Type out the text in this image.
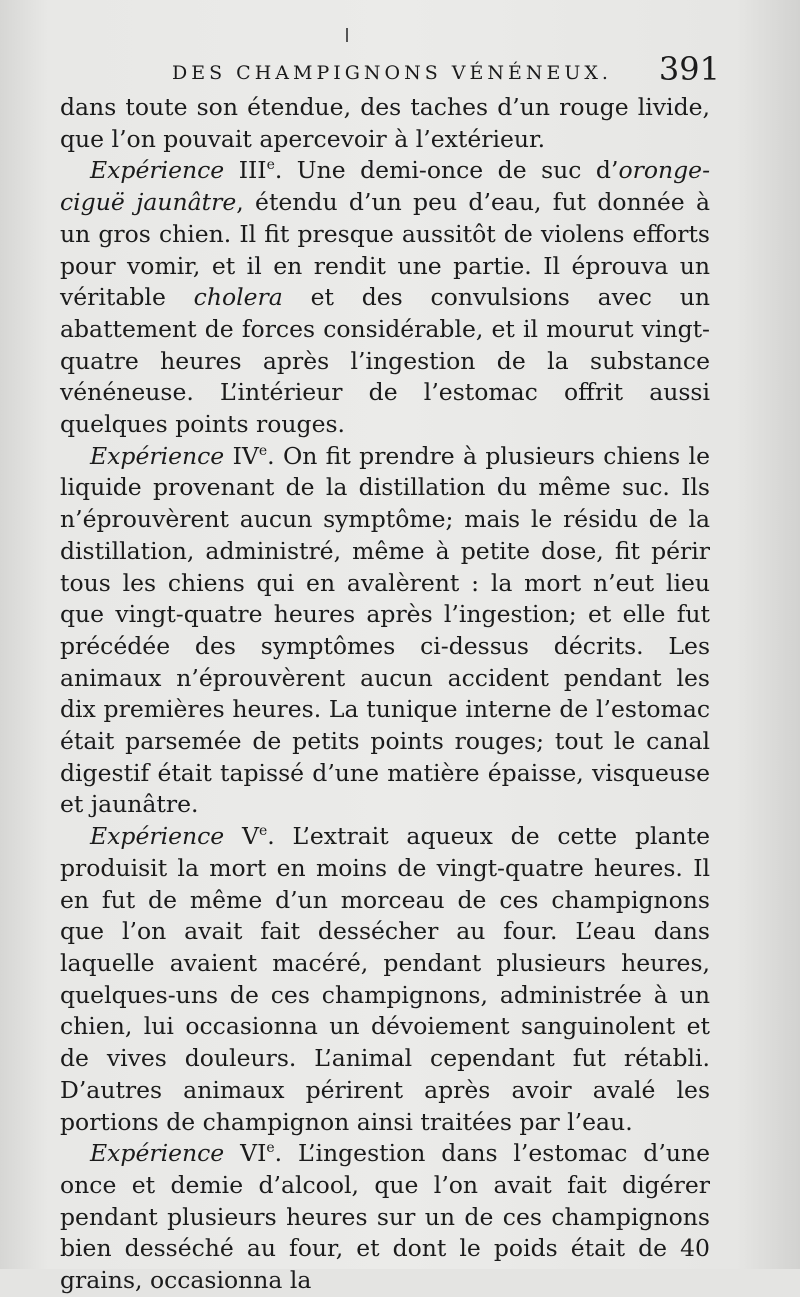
DES CHAMPIGNONS VÉNÉNEUX. 391

dans toute son étendue, des taches d’un rouge livide, que l’on pouvait apercevoir à l’extérieur.

Expérience IIIe. Une demi-once de suc d’oronge-ciguë jaunâtre, étendu d’un peu d’eau, fut donnée à un gros chien. Il fit presque aussitôt de violens efforts pour vomir, et il en rendit une partie. Il éprouva un véritable cholera et des convulsions avec un abattement de forces considérable, et il mourut vingt-quatre heures après l’ingestion de la substance vénéneuse. L’intérieur de l’estomac offrit aussi quelques points rouges.

Expérience IVe. On fit prendre à plusieurs chiens le liquide provenant de la distillation du même suc. Ils n’éprouvèrent aucun symptôme; mais le résidu de la distillation, administré, même à petite dose, fit périr tous les chiens qui en avalèrent : la mort n’eut lieu que vingt-quatre heures après l’ingestion; et elle fut précédée des symptômes ci-dessus décrits. Les animaux n’éprouvèrent aucun accident pendant les dix premières heures. La tunique interne de l’estomac était parsemée de petits points rouges; tout le canal digestif était tapissé d’une matière épaisse, visqueuse et jaunâtre.

Expérience Ve. L’extrait aqueux de cette plante produisit la mort en moins de vingt-quatre heures. Il en fut de même d’un morceau de ces champignons que l’on avait fait dessécher au four. L’eau dans laquelle avaient macéré, pendant plusieurs heures, quelques-uns de ces champignons, administrée à un chien, lui occasionna un dévoiement sanguinolent et de vives douleurs. L’animal cependant fut rétabli. D’autres animaux périrent après avoir avalé les portions de champignon ainsi traitées par l’eau.

Expérience VIe. L’ingestion dans l’estomac d’une once et demie d’alcool, que l’on avait fait digérer pendant plusieurs heures sur un de ces champignons bien desséché au four, et dont le poids était de 40 grains, occasionna la
